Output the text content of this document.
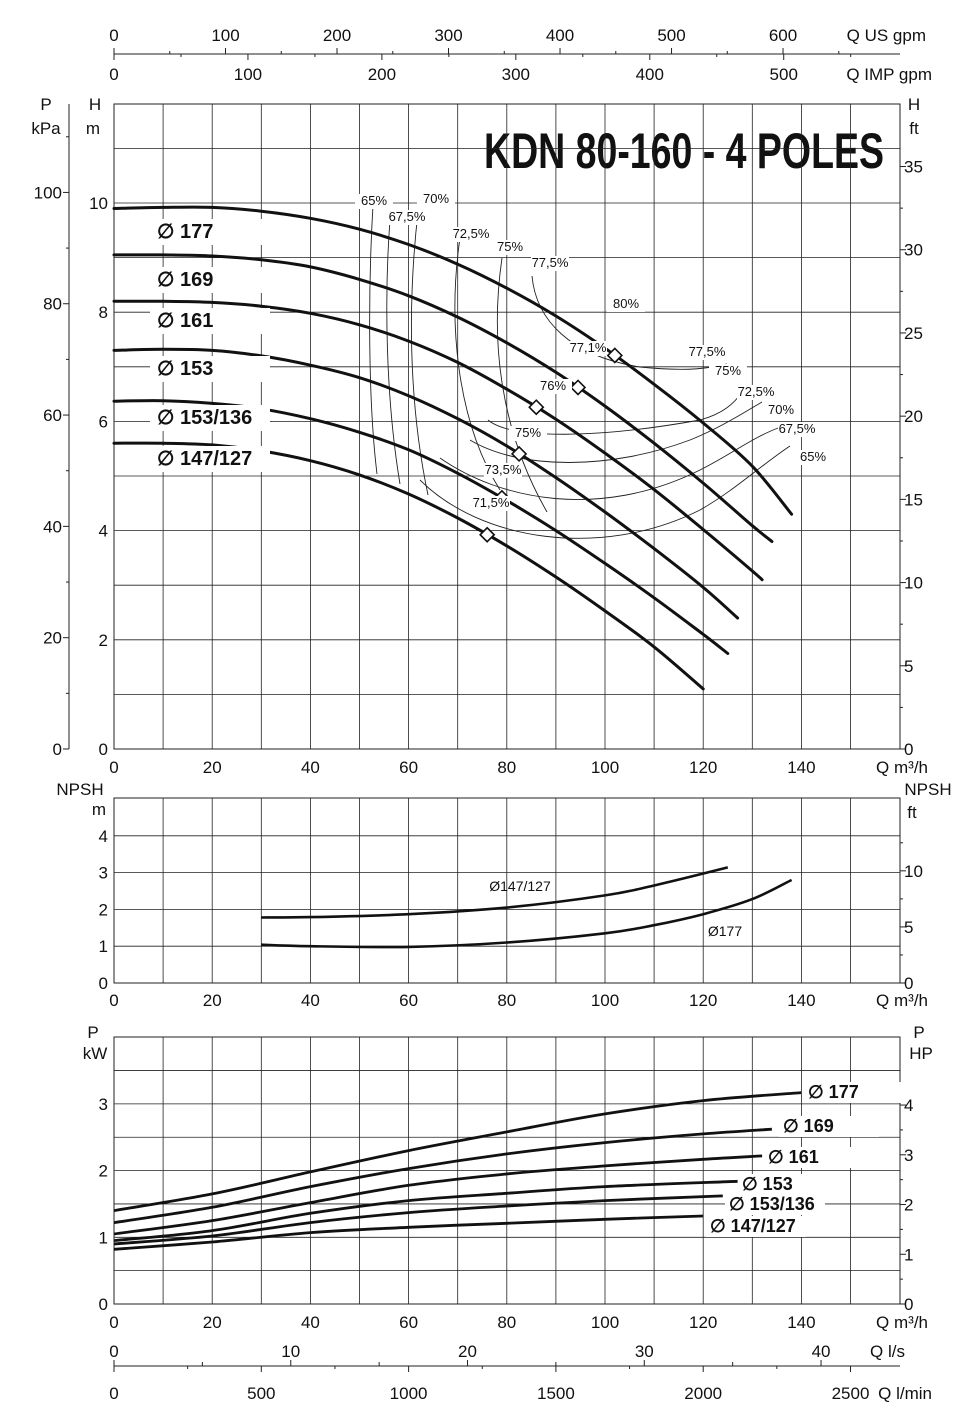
KDN 80-160 - 4 POLES
0	100	200	300	400	500	600	Q US gpm
0	100	200	300	400	500	Q IMP gpm
0
2
4
6
8
10
0
20
40
60
80
100
P
kPa
H
m
0
5
10
15
20
25
30
35
H
ft
0	20	40	60	80	100	120	140	Q m³/h
∅ 177
∅ 169
∅ 161
∅ 153
∅ 153/136
∅ 147/127
65%
67,5%
70%
72,5%
75%
77,5%
80%
77,1%
76%
75%
73,5%
71,5%
77,5%
75%
72,5%
70%
67,5%
65%
0
1
2
3
4
NPSH
m
0
5
10
NPSH
ft
0	20	40	60	80	100	120	140	Q m³/h
Ø147/127
Ø177
0
1
2
3
P
kW
0
1
2
3
4
P
HP
0	20	40	60	80	100	120	140	Q m³/h
∅ 177
∅ 169
∅ 161
∅ 153
∅ 153/136
∅ 147/127
0	10	20	30	40 Q l/s
0	500	1000	1500	2000	2500 Q l/min
